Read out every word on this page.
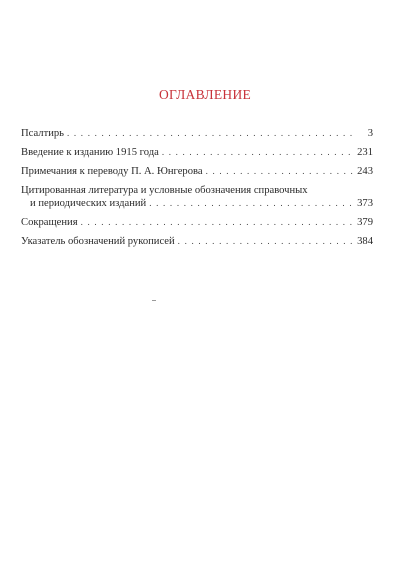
ОГЛАВЛЕНИЕ
Псалтирь . . .	3
Введение к изданию 1915 года . . .	231
Примечания к переводу П. А. Юнгерова . . .	243
Цитированная литература и условные обозначения справочных
и периодических изданий . . .	373
Сокращения . . .	379
Указатель обозначений рукописей . . .	384
